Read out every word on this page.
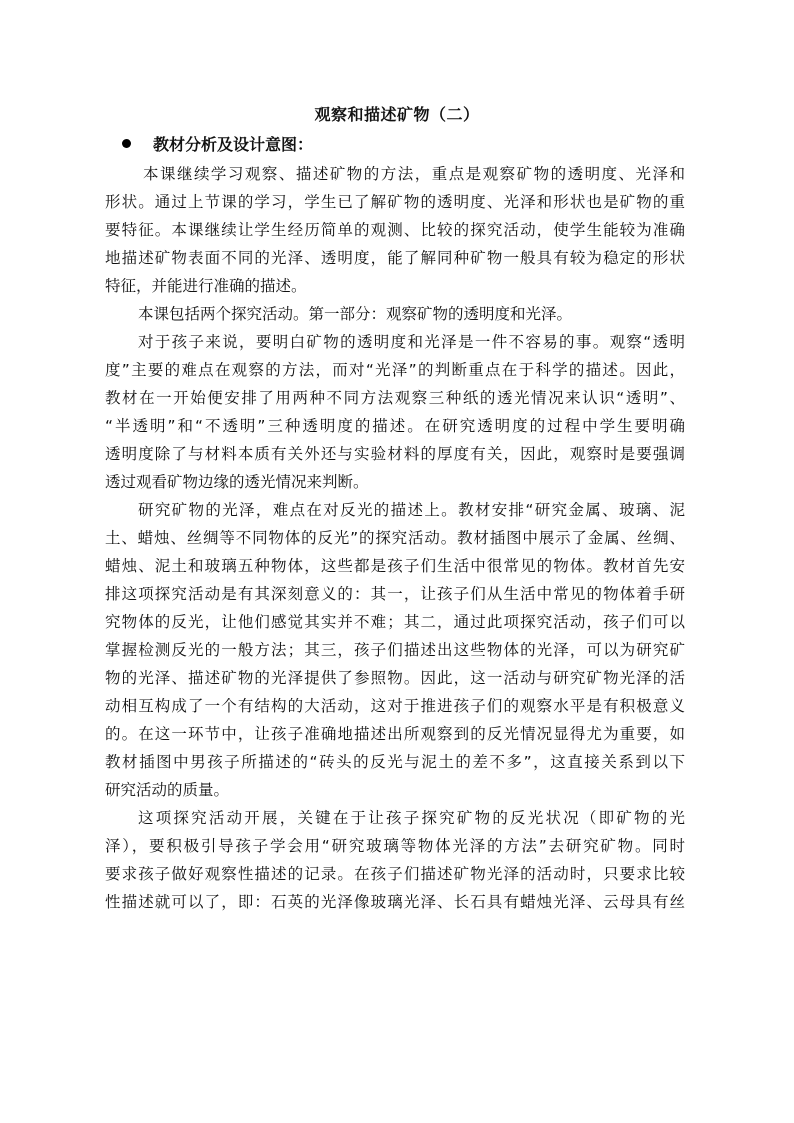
观察和描述矿物（二）
教材分析及设计意图：

本课继续学习观察、描述矿物的方法，重点是观察矿物的透明度、光泽和
形状。通过上节课的学习，学生已了解矿物的透明度、光泽和形状也是矿物的重
要特征。本课继续让学生经历简单的观测、比较的探究活动，使学生能较为准确
地描述矿物表面不同的光泽、透明度，能了解同种矿物一般具有较为稳定的形状
特征，并能进行准确的描述。

本课包括两个探究活动。第一部分：观察矿物的透明度和光泽。

对于孩子来说，要明白矿物的透明度和光泽是一件不容易的事。观察“透明
度”主要的难点在观察的方法，而对“光泽”的判断重点在于科学的描述。因此，
教材在一开始便安排了用两种不同方法观察三种纸的透光情况来认识“透明”、
“半透明”和“不透明”三种透明度的描述。在研究透明度的过程中学生要明确
透明度除了与材料本质有关外还与实验材料的厚度有关，因此，观察时是要强调
透过观看矿物边缘的透光情况来判断。

研究矿物的光泽，难点在对反光的描述上。教材安排“研究金属、玻璃、泥
土、蜡烛、丝绸等不同物体的反光”的探究活动。教材插图中展示了金属、丝绸、
蜡烛、泥土和玻璃五种物体，这些都是孩子们生活中很常见的物体。教材首先安
排这项探究活动是有其深刻意义的：其一，让孩子们从生活中常见的物体着手研
究物体的反光，让他们感觉其实并不难；其二，通过此项探究活动，孩子们可以
掌握检测反光的一般方法；其三，孩子们描述出这些物体的光泽，可以为研究矿
物的光泽、描述矿物的光泽提供了参照物。因此，这一活动与研究矿物光泽的活
动相互构成了一个有结构的大活动，这对于推进孩子们的观察水平是有积极意义
的。在这一环节中，让孩子准确地描述出所观察到的反光情况显得尤为重要，如
教材插图中男孩子所描述的“砖头的反光与泥土的差不多”，这直接关系到以下
研究活动的质量。

这项探究活动开展，关键在于让孩子探究矿物的反光状况（即矿物的光
泽），要积极引导孩子学会用“研究玻璃等物体光泽的方法”去研究矿物。同时
要求孩子做好观察性描述的记录。在孩子们描述矿物光泽的活动时，只要求比较
性描述就可以了，即：石英的光泽像玻璃光泽、长石具有蜡烛光泽、云母具有丝
